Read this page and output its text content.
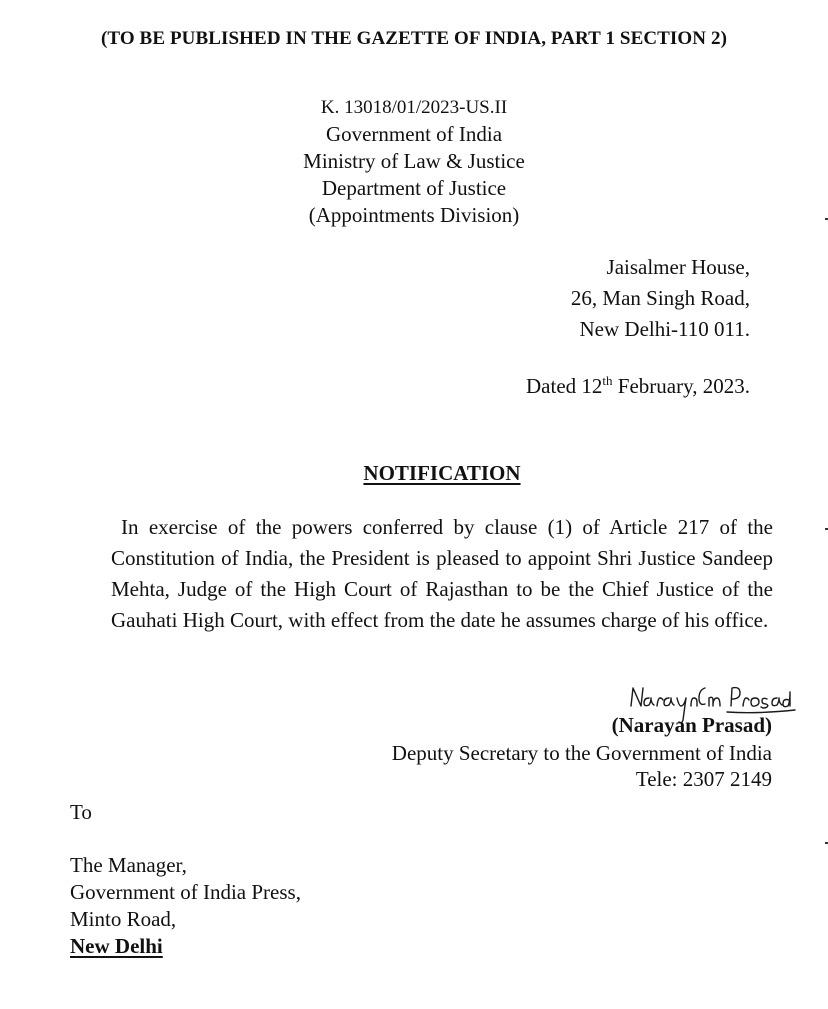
(TO BE PUBLISHED IN THE GAZETTE OF INDIA, PART 1 SECTION 2)
K. 13018/01/2023-US.II
Government of India
Ministry of Law & Justice
Department of Justice
(Appointments Division)
Jaisalmer House,
26, Man Singh Road,
New Delhi-110 011.
Dated 12th February, 2023.
NOTIFICATION
In exercise of the powers conferred by clause (1) of Article 217 of the Constitution of India, the President is pleased to appoint Shri Justice Sandeep Mehta, Judge of the High Court of Rajasthan to be the Chief Justice of the Gauhati High Court, with effect from the date he assumes charge of his office.
(Narayan Prasad)
Deputy Secretary to the Government of India
Tele: 2307 2149
To
The Manager,
Government of India Press,
Minto Road,
New Delhi
